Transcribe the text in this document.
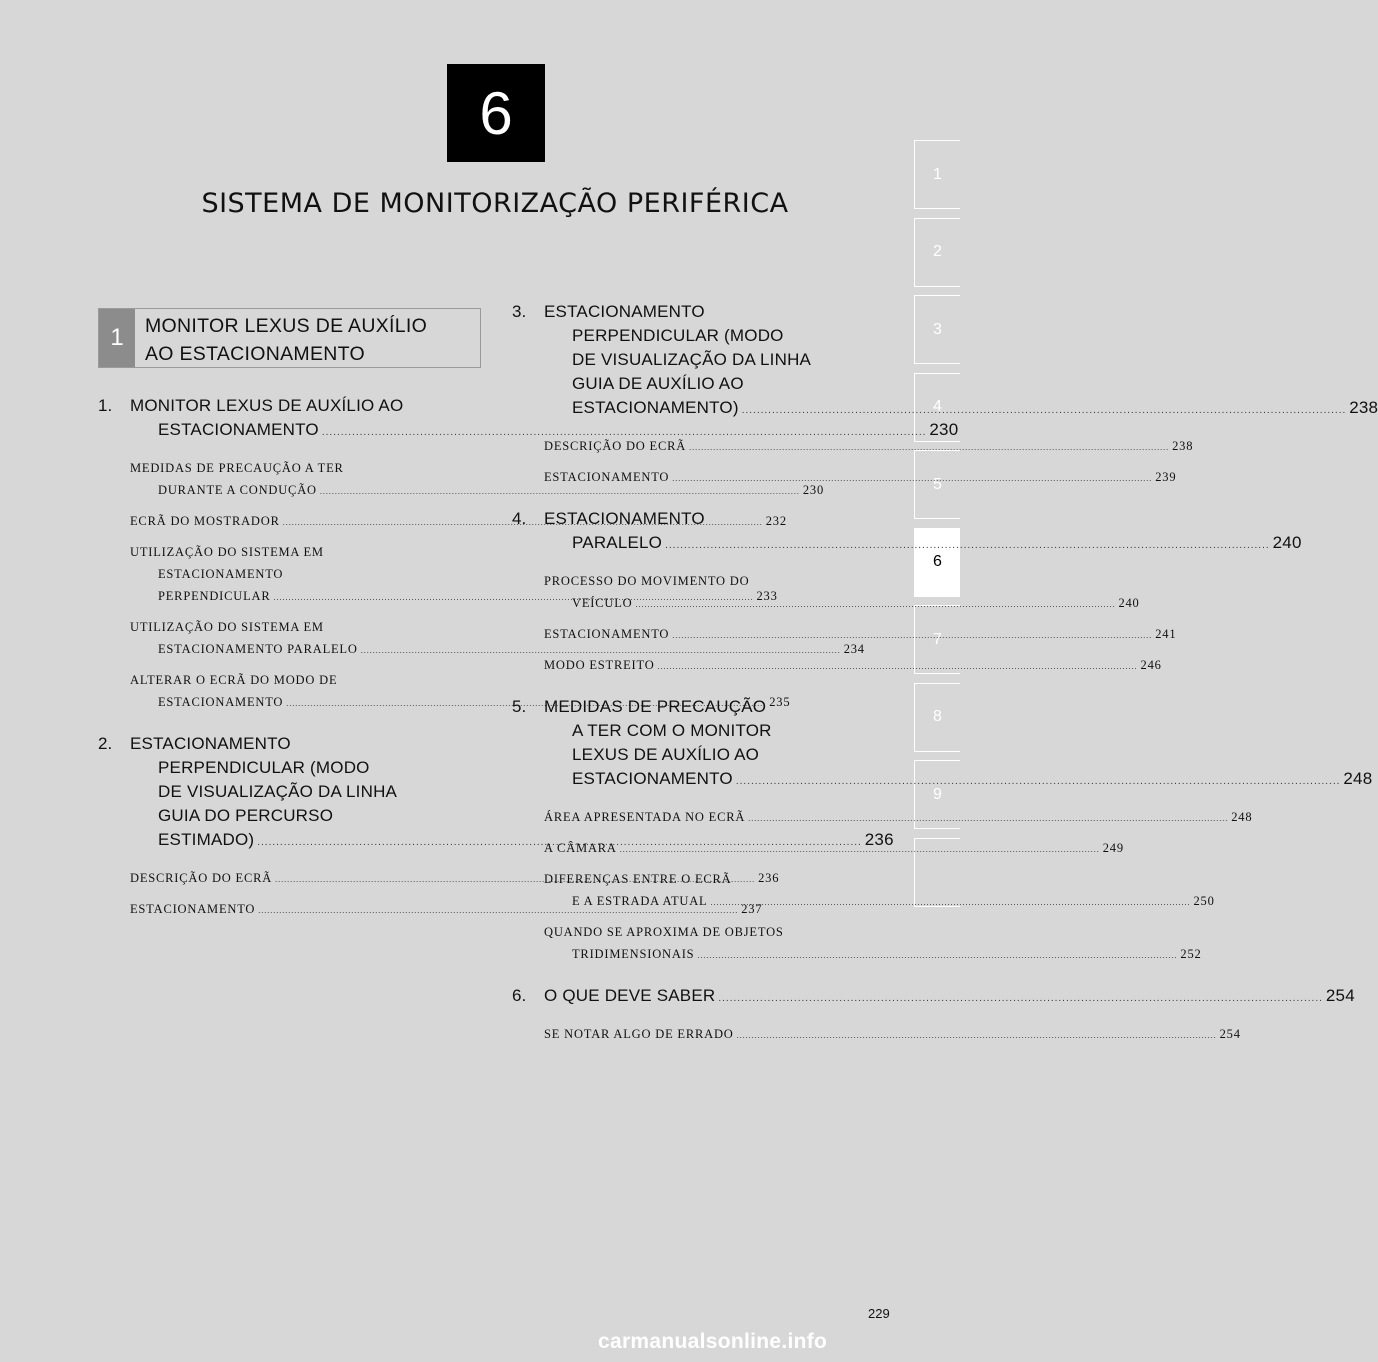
6
SISTEMA DE MONITORIZAÇÃO PERIFÉRICA
1
2
3
4
5
6
7
8
9
1	MONITOR LEXUS DE AUXÍLIO
AO ESTACIONAMENTO
1.	MONITOR LEXUS DE AUXÍLIO AO
ESTACIONAMENTO .....	230
MEDIDAS DE PRECAUÇÃO A TER
DURANTE A CONDUÇÃO .....	230
ECRÃ DO MOSTRADOR .....	232
UTILIZAÇÃO DO SISTEMA EM
ESTACIONAMENTO
PERPENDICULAR .....	233
UTILIZAÇÃO DO SISTEMA EM
ESTACIONAMENTO PARALELO .....	234
ALTERAR O ECRÃ DO MODO DE
ESTACIONAMENTO .....	235
2.	ESTACIONAMENTO
PERPENDICULAR (MODO
DE VISUALIZAÇÃO DA LINHA
GUIA DO PERCURSO
ESTIMADO) .....	236
DESCRIÇÃO DO ECRÃ .....	236
ESTACIONAMENTO .....	237
3.	ESTACIONAMENTO
PERPENDICULAR (MODO
DE VISUALIZAÇÃO DA LINHA
GUIA DE AUXÍLIO AO
ESTACIONAMENTO) .....	238
DESCRIÇÃO DO ECRÃ .....	238
ESTACIONAMENTO .....	239
4.	ESTACIONAMENTO
PARALELO .....	240
PROCESSO DO MOVIMENTO DO
VEÍCULO .....	240
ESTACIONAMENTO .....	241
MODO ESTREITO .....	246
5.	MEDIDAS DE PRECAUÇÃO
A TER COM O MONITOR
LEXUS DE AUXÍLIO AO
ESTACIONAMENTO .....	248
ÁREA APRESENTADA NO ECRÃ .....	248
A CÂMARA .....	249
DIFERENÇAS ENTRE O ECRÃ
E A ESTRADA ATUAL .....	250
QUANDO SE APROXIMA DE OBJETOS
TRIDIMENSIONAIS .....	252
6.	O QUE DEVE SABER .....	254
SE NOTAR ALGO DE ERRADO .....	254
229
carmanualsonline.info
